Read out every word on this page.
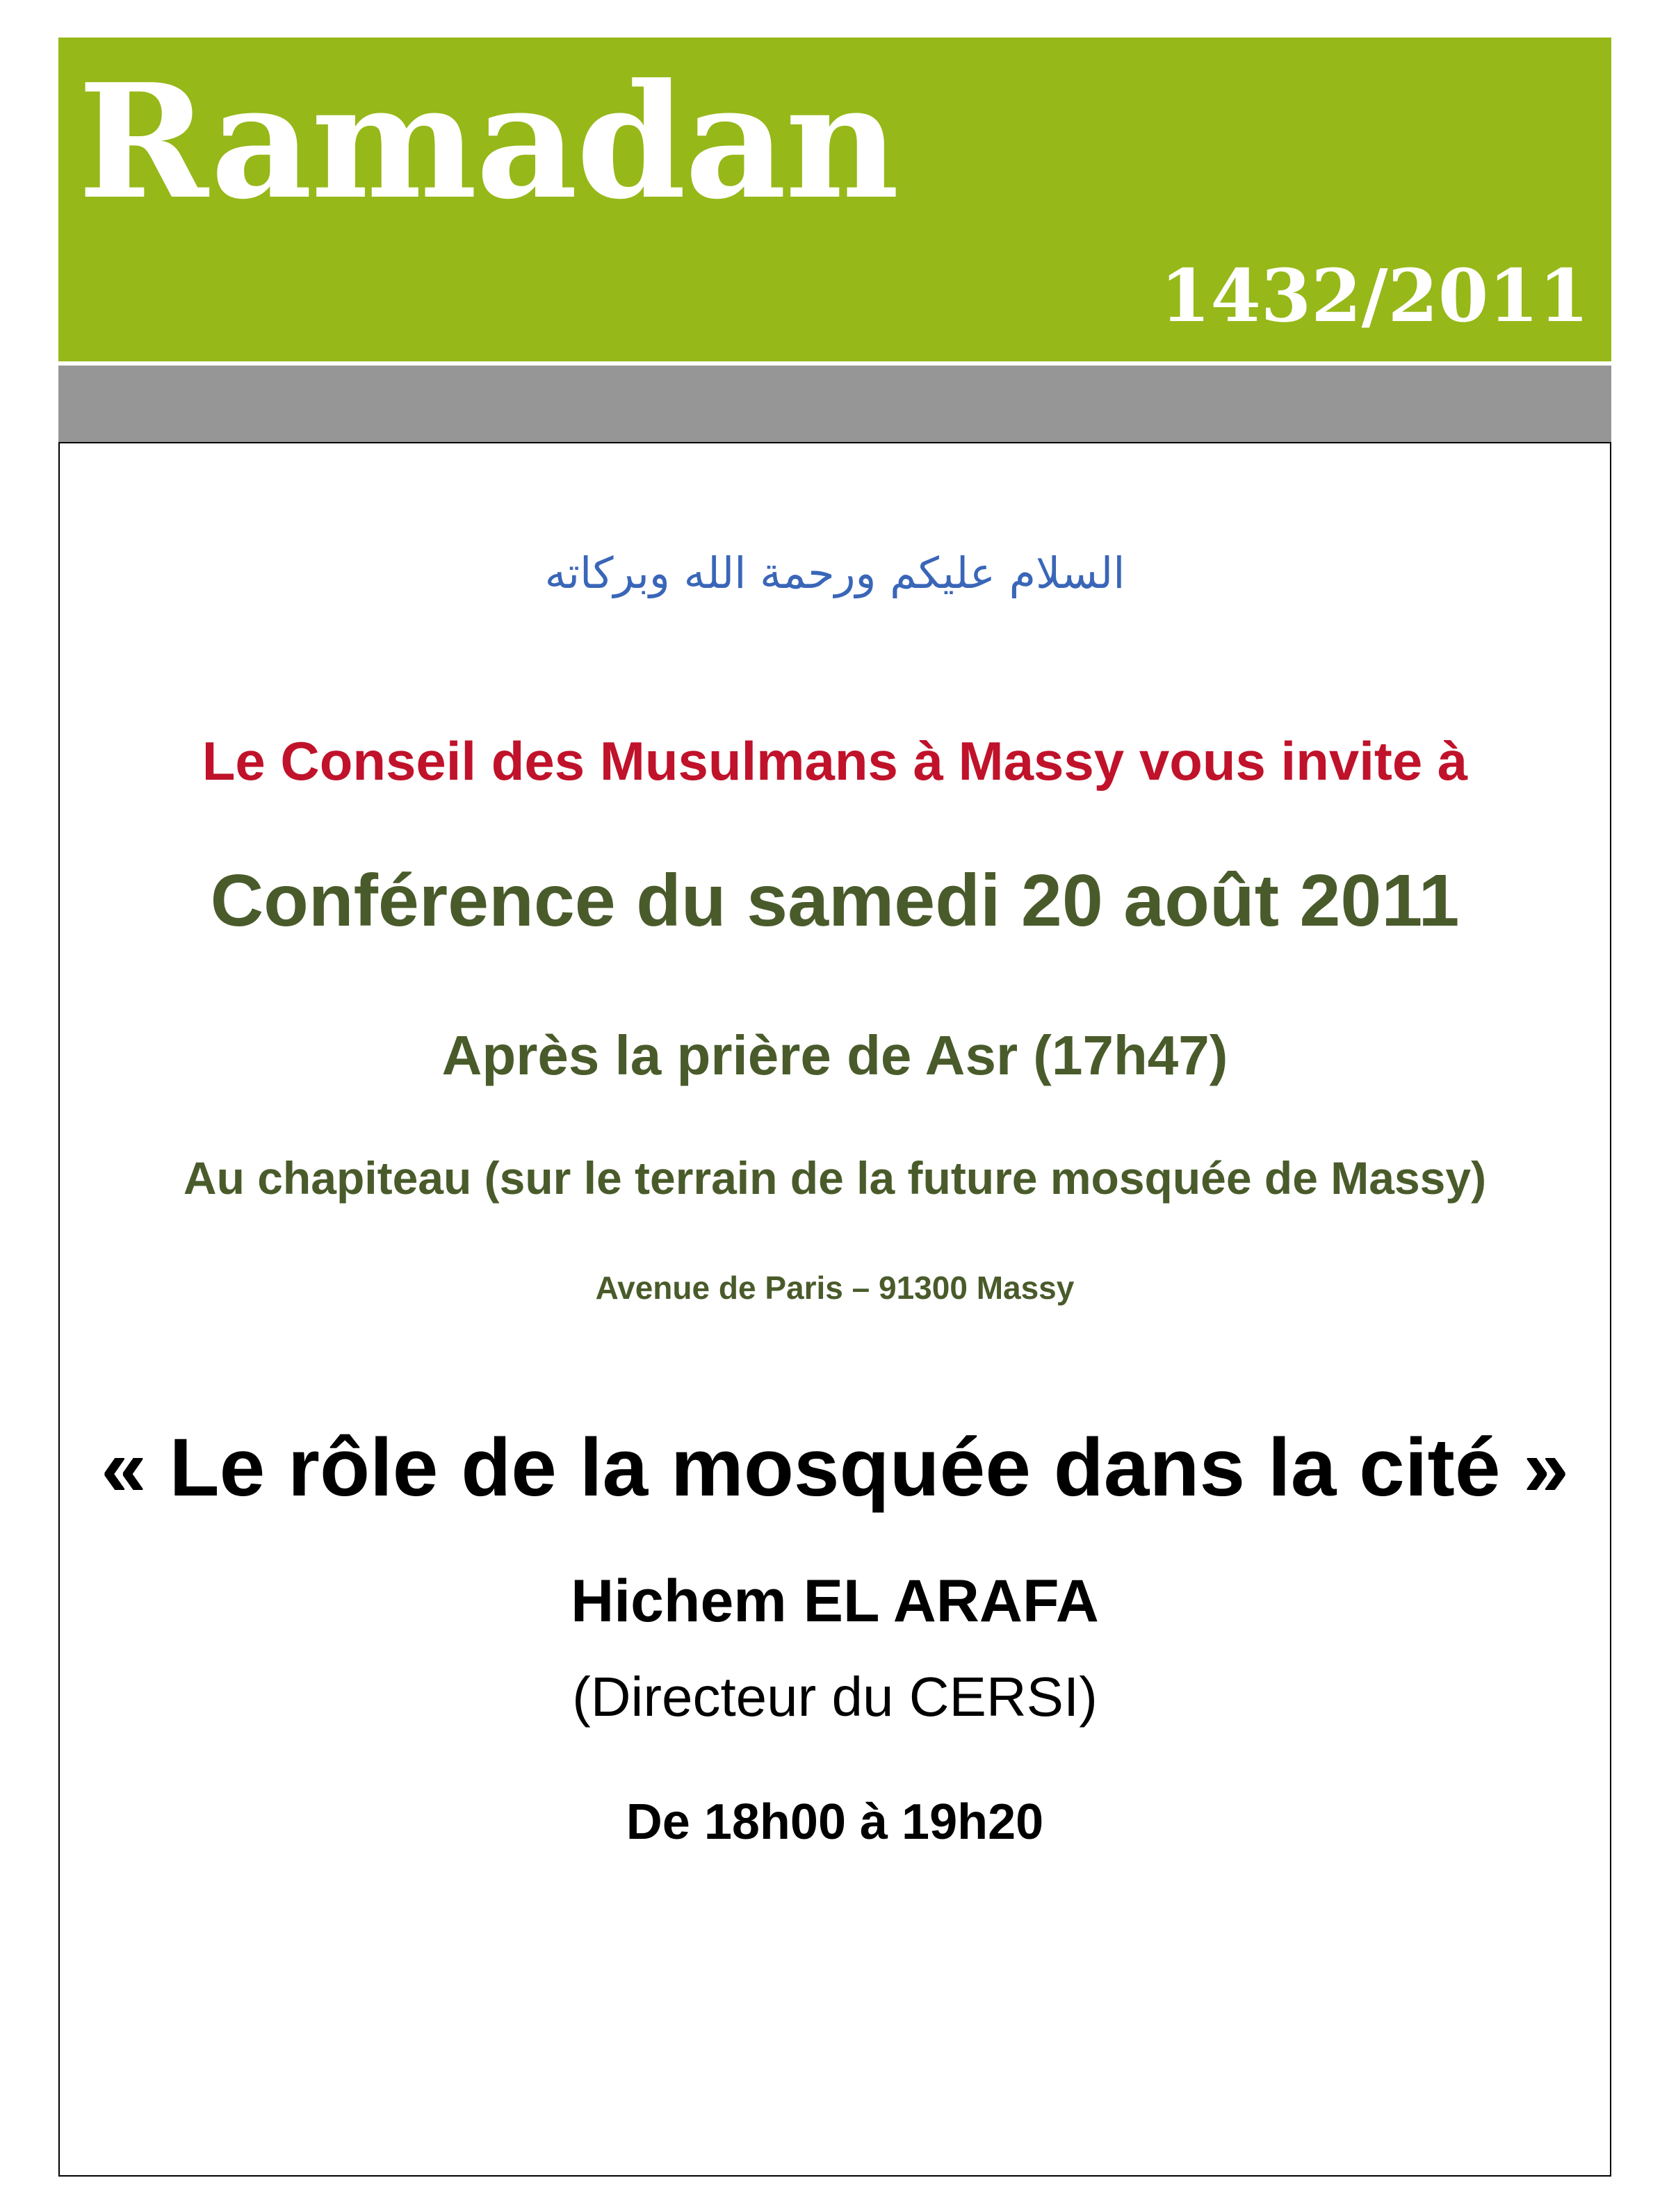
Ramadan
1432/2011

السلام عليكم ورحمة الله وبركاته

Le Conseil des Musulmans à Massy vous invite à

Conférence du samedi 20 août 2011

Après la prière de Asr (17h47)

Au chapiteau (sur le terrain de la future mosquée de Massy)

Avenue de Paris – 91300 Massy

« Le rôle de la mosquée dans la cité »

Hichem EL ARAFA

(Directeur du CERSI)

De 18h00 à 19h20
